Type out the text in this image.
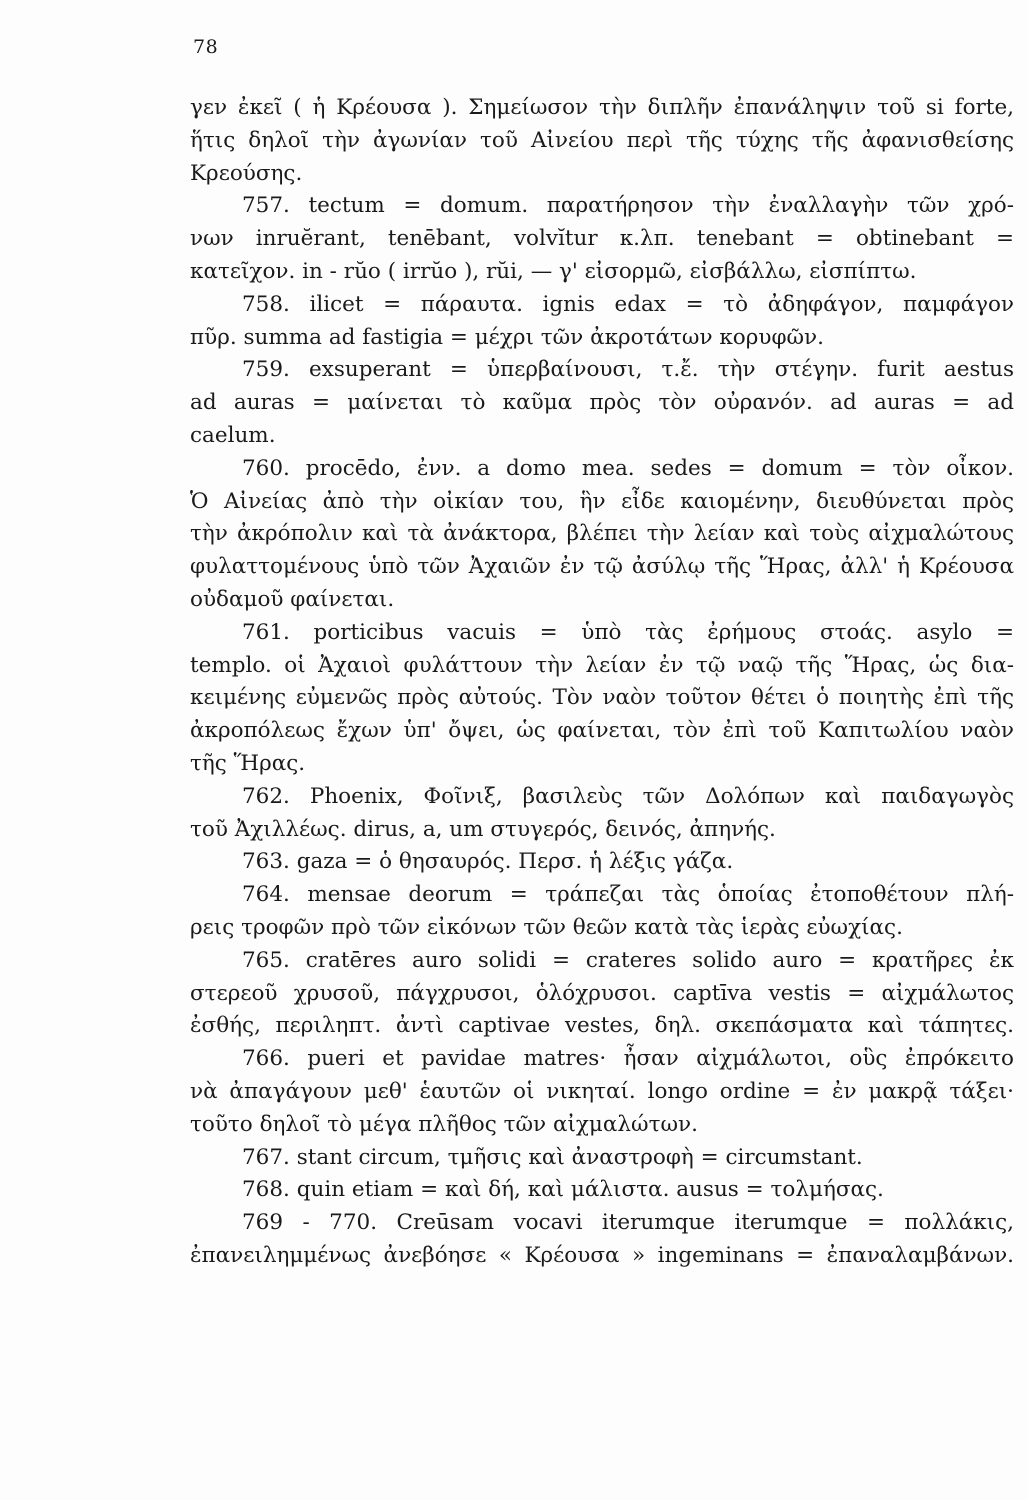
78
γεν ἐκεῖ ( ἡ Κρέουσα ). Σημείωσον τὴν διπλῆν ἐπανάληψιν τοῦ si forte,
ἥτις δηλοῖ τὴν ἀγωνίαν τοῦ Αἰνείου περὶ τῆς τύχης τῆς ἀφανισθείσης
Κρεούσης.
757. tectum = domum. παρατήρησον τὴν ἐναλλαγὴν τῶν χρό-
νων inruĕrant, tenēbant, volvĭtur κ.λπ. tenebant = obtinebant =
κατεῖχον. in - rŭo ( irrŭo ), rŭi, — γ' εἰσορμῶ, εἰσβάλλω, εἰσπίπτω.
758. ilicet = πάραυτα. ignis edax = τὸ ἀδηφάγον, παμφάγον
πῦρ. summa ad fastigia = μέχρι τῶν ἀκροτάτων κορυφῶν.
759. exsuperant = ὑπερβαίνουσι, τ.ἔ. τὴν στέγην. furit aestus
ad auras = μαίνεται τὸ καῦμα πρὸς τὸν οὐρανόν. ad auras = ad
caelum.
760. procēdo, ἐνν. a domo mea. sedes = domum = τὸν οἶκον.
Ὁ Αἰνείας ἀπὸ τὴν οἰκίαν του, ἣν εἶδε καιομένην, διευθύνεται πρὸς
τὴν ἀκρόπολιν καὶ τὰ ἀνάκτορα, βλέπει τὴν λείαν καὶ τοὺς αἰχμαλώτους
φυλαττομένους ὑπὸ τῶν Ἀχαιῶν ἐν τῷ ἀσύλῳ τῆς Ἥρας, ἀλλ' ἡ Κρέουσα
οὐδαμοῦ φαίνεται.
761. porticibus vacuis = ὑπὸ τὰς ἐρήμους στοάς. asylo =
templo. οἱ Ἀχαιοὶ φυλάττουν τὴν λείαν ἐν τῷ ναῷ τῆς Ἥρας, ὡς δια-
κειμένης εὐμενῶς πρὸς αὐτούς. Τὸν ναὸν τοῦτον θέτει ὁ ποιητὴς ἐπὶ τῆς
ἀκροπόλεως ἔχων ὑπ' ὄψει, ὡς φαίνεται, τὸν ἐπὶ τοῦ Καπιτωλίου ναὸν
τῆς Ἥρας.
762. Phoenix, Φοῖνιξ, βασιλεὺς τῶν Δολόπων καὶ παιδαγωγὸς
τοῦ Ἀχιλλέως. dirus, a, um στυγερός, δεινός, ἀπηνής.
763. gaza = ὁ θησαυρός. Περσ. ἡ λέξις γάζα.
764. mensae deorum = τράπεζαι τὰς ὁποίας ἐτοποθέτουν πλή-
ρεις τροφῶν πρὸ τῶν εἰκόνων τῶν θεῶν κατὰ τὰς ἱερὰς εὐωχίας.
765. cratēres auro solidi = crateres solido auro = κρατῆρες ἐκ
στερεοῦ χρυσοῦ, πάγχρυσοι, ὁλόχρυσοι. captīva vestis = αἰχμάλωτος
ἐσθής, περιληπτ. ἀντὶ captivae vestes, δηλ. σκεπάσματα καὶ τάπητες.
766. pueri et pavidae matres· ἦσαν αἰχμάλωτοι, οὓς ἐπρόκειτο
νὰ ἀπαγάγουν μεθ' ἑαυτῶν οἱ νικηταί. longo ordine = ἐν μακρᾷ τάξει·
τοῦτο δηλοῖ τὸ μέγα πλῆθος τῶν αἰχμαλώτων.
767. stant circum, τμῆσις καὶ ἀναστροφὴ = circumstant.
768. quin etiam = καὶ δή, καὶ μάλιστα. ausus = τολμήσας.
769 - 770. Creūsam vocavi iterumque iterumque = πολλάκις,
ἐπανειλημμένως ἀνεβόησε « Κρέουσα » ingeminans = ἐπαναλαμβάνων.
